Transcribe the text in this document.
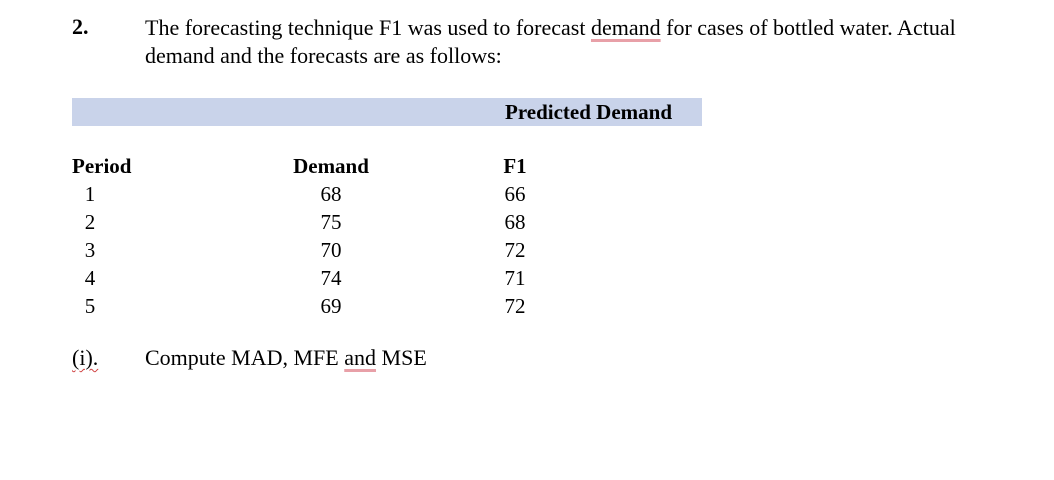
2.	The forecasting technique F1 was used to forecast demand for cases of bottled water. Actual demand and the forecasts are as follows:
Predicted Demand
Period
1
2
3
4
5
Demand
68
75
70
74
69
F1
66
68
72
71
72
(i). Compute MAD, MFE and MSE
